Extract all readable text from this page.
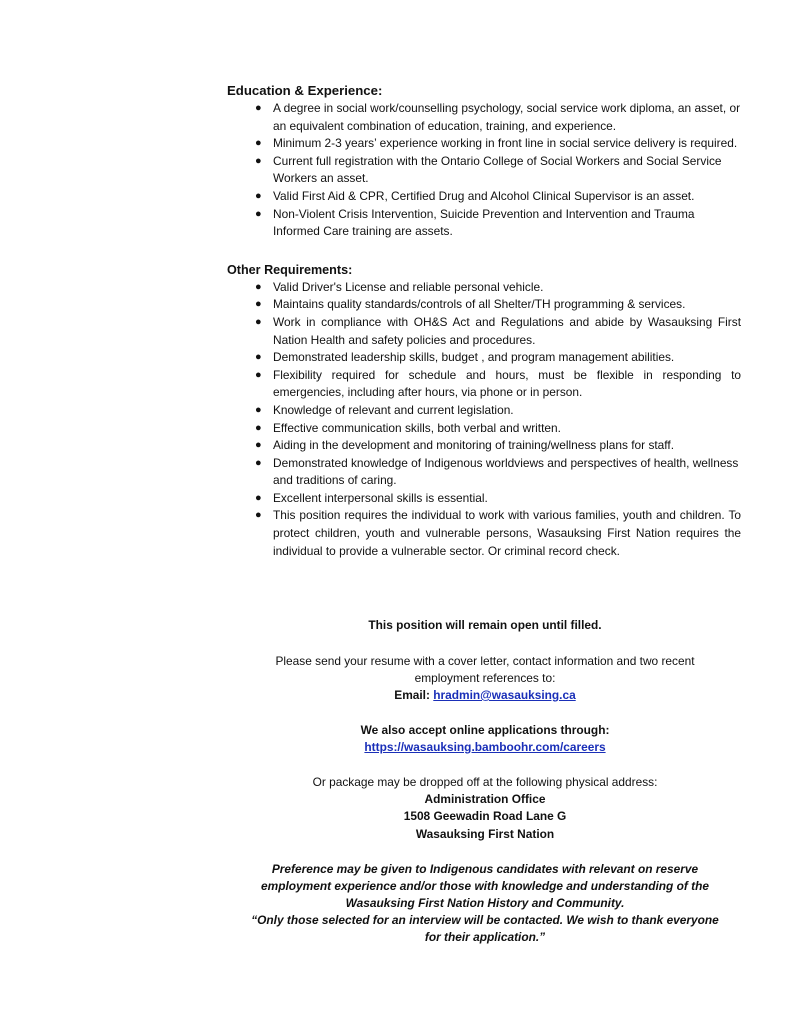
Education & Experience:
● A degree in social work/counselling psychology, social service work diploma, an asset, or an equivalent combination of education, training, and experience.
● Minimum 2-3 years’ experience working in front line in social service delivery is required.
● Current full registration with the Ontario College of Social Workers and Social Service Workers an asset.
● Valid First Aid & CPR, Certified Drug and Alcohol Clinical Supervisor is an asset.
● Non-Violent Crisis Intervention, Suicide Prevention and Intervention and Trauma Informed Care training are assets.
Other Requirements:
● Valid Driver's License and reliable personal vehicle.
● Maintains quality standards/controls of all Shelter/TH programming & services.
● Work in compliance with OH&S Act and Regulations and abide by Wasauksing First Nation Health and safety policies and procedures.
● Demonstrated leadership skills, budget , and program management abilities.
● Flexibility required for schedule and hours, must be flexible in responding to emergencies, including after hours, via phone or in person.
● Knowledge of relevant and current legislation.
● Effective communication skills, both verbal and written.
● Aiding in the development and monitoring of training/wellness plans for staff.
● Demonstrated knowledge of Indigenous worldviews and perspectives of health, wellness and traditions of caring.
● Excellent interpersonal skills is essential.
● This position requires the individual to work with various families, youth and children. To protect children, youth and vulnerable persons, Wasauksing First Nation requires the individual to provide a vulnerable sector. Or criminal record check.
This position will remain open until filled.
Please send your resume with a cover letter, contact information and two recent
employment references to:
Email: hradmin@wasauksing.ca
We also accept online applications through:
https://wasauksing.bamboohr.com/careers
Or package may be dropped off at the following physical address:
Administration Office
1508 Geewadin Road Lane G
Wasauksing First Nation
Preference may be given to Indigenous candidates with relevant on reserve
employment experience and/or those with knowledge and understanding of the
Wasauksing First Nation History and Community.
“Only those selected for an interview will be contacted. We wish to thank everyone
for their application.”
